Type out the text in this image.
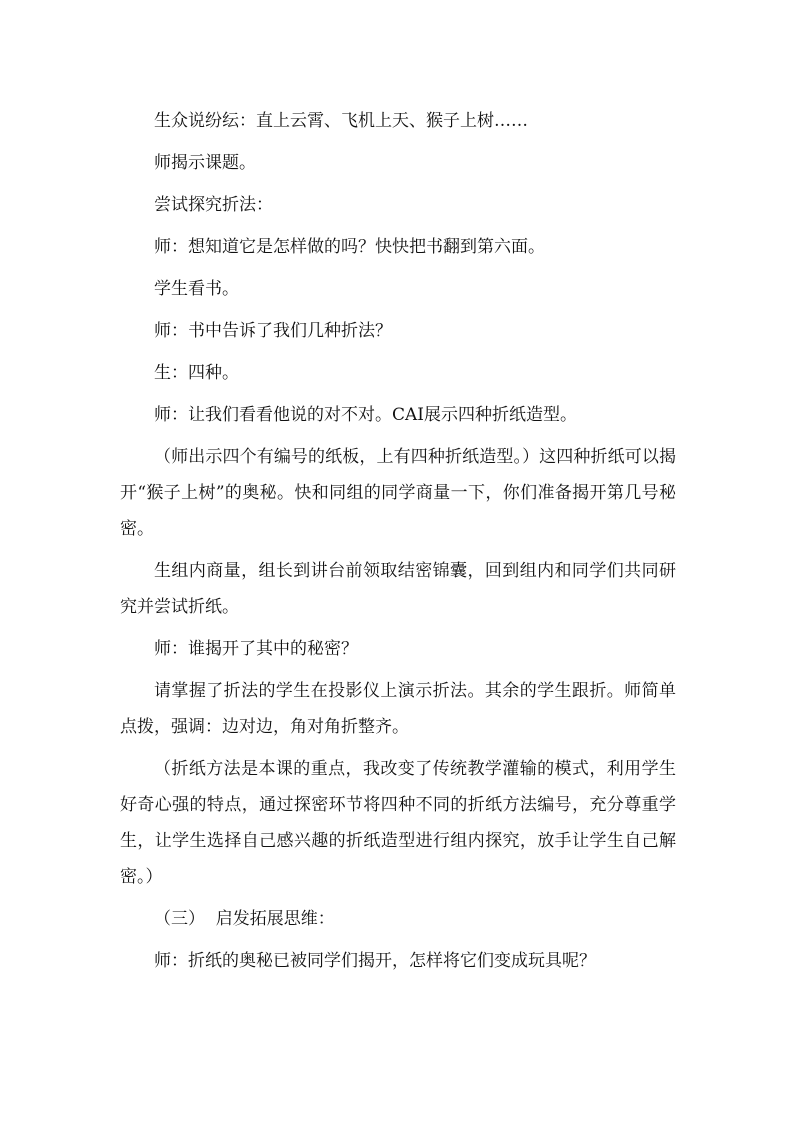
生众说纷纭：直上云霄、飞机上天、猴子上树……

师揭示课题。

尝试探究折法：

师：想知道它是怎样做的吗？快快把书翻到第六面。

学生看书。

师：书中告诉了我们几种折法？

生：四种。

师：让我们看看他说的对不对。CAI展示四种折纸造型。

（师出示四个有编号的纸板，上有四种折纸造型。）这四种折纸可以揭开“猴子上树”的奥秘。快和同组的同学商量一下，你们准备揭开第几号秘密。

生组内商量，组长到讲台前领取结密锦囊，回到组内和同学们共同研究并尝试折纸。

师：谁揭开了其中的秘密？

请掌握了折法的学生在投影仪上演示折法。其余的学生跟折。师简单点拨，强调：边对边，角对角折整齐。

（折纸方法是本课的重点，我改变了传统教学灌输的模式，利用学生好奇心强的特点，通过探密环节将四种不同的折纸方法编号，充分尊重学生，让学生选择自己感兴趣的折纸造型进行组内探究，放手让学生自己解密。）

（三）  启发拓展思维：

师：折纸的奥秘已被同学们揭开，怎样将它们变成玩具呢？
